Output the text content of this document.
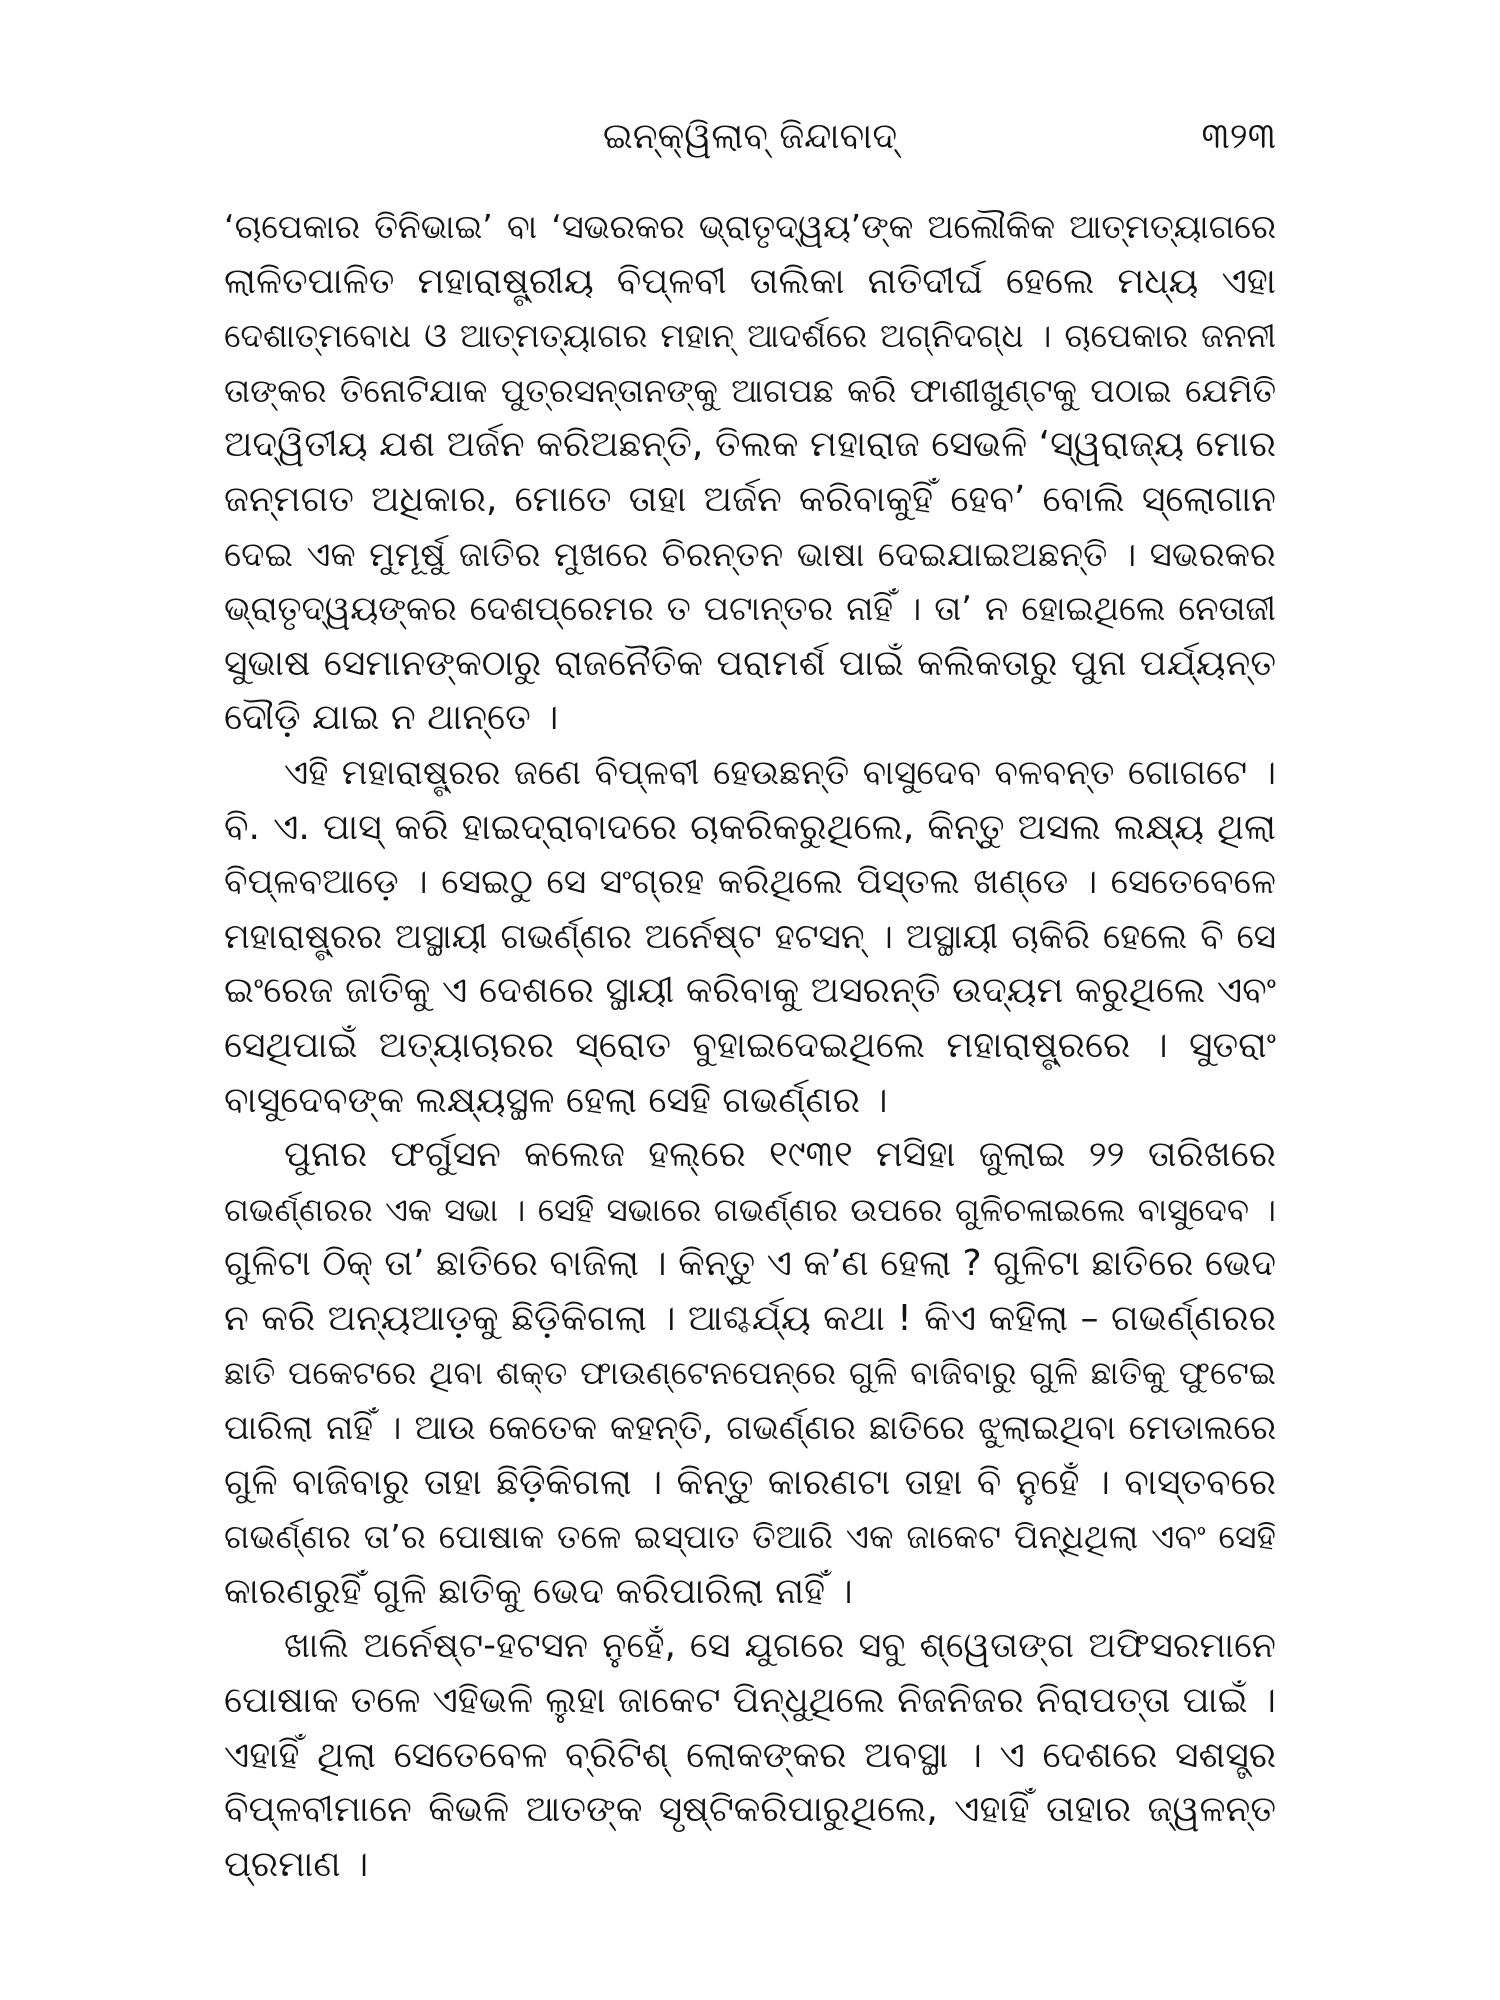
ଇନ୍‌କ୍ୱିଲାବ୍ ଜିନ୍ଦାବାଦ୍	୩୨୩

‘ଚାପେକାର ତିନିଭାଇ’ ବା ‘ସଭରକର ଭ୍ରାତୃଦ୍ୱୟ’ଙ୍କ ଅଲୌକିକ ଆତ୍ମତ୍ୟାଗରେ
ଲାଳିତପାଳିତ ମହାରାଷ୍ଟ୍ରୀୟ ବିପ୍ଳବୀ ତାଲିକା ନାତିଦୀର୍ଘ ହେଲେ ମଧ୍ୟ ଏହା
ଦେଶାତ୍ମବୋଧ ଓ ଆତ୍ମତ୍ୟାଗର ମହାନ୍ ଆଦର୍ଶରେ ଅଗ୍ନିଦଗ୍ଧ । ଚାପେକାର ଜନନୀ
ତାଙ୍କର ତିନୋଟିଯାକ ପୁତ୍ରସନ୍ତାନଙ୍କୁ ଆଗପଛ କରି ଫାଶୀଖୁଣ୍ଟକୁ ପଠାଇ ଯେମିତି
ଅଦ୍ୱିତୀୟ ଯଶ ଅର୍ଜନ କରିଅଛନ୍ତି, ତିଲକ ମହାରାଜ ସେଭଳି ‘ସ୍ୱରାଜ୍ୟ ମୋର
ଜନ୍ମଗତ ଅଧିକାର, ମୋତେ ତାହା ଅର୍ଜନ କରିବାକୁହିଁ ହେବ’ ବୋଲି ସ୍ଲୋଗାନ
ଦେଇ ଏକ ମୁମୂର୍ଷୁ ଜାତିର ମୁଖରେ ଚିରନ୍ତନ ଭାଷା ଦେଇଯାଇଅଛନ୍ତି । ସଭରକର
ଭ୍ରାତୃଦ୍ୱୟଙ୍କର ଦେଶପ୍ରେମର ତ ପଟାନ୍ତର ନାହିଁ । ତା’ ନ ହୋଇଥିଲେ ନେତାଜୀ
ସୁଭାଷ ସେମାନଙ୍କଠାରୁ ରାଜନୈତିକ ପରାମର୍ଶ ପାଇଁ କଲିକତାରୁ ପୁନା ପର୍ଯ୍ୟନ୍ତ
ଦୌଡ଼ି ଯାଇ ନ ଥାନ୍ତେ ।

ଏହି ମହାରାଷ୍ଟ୍ରର ଜଣେ ବିପ୍ଳବୀ ହେଉଛନ୍ତି ବାସୁଦେବ ବଳବନ୍ତ ଗୋଗଟେ ।
ବି. ଏ. ପାସ୍ କରି ହାଇଦ୍ରାବାଦରେ ଚାକରିକରୁଥିଲେ, କିନ୍ତୁ ଅସଲ ଲକ୍ଷ୍ୟ ଥିଲା
ବିପ୍ଳବଆଡ଼େ । ସେଇଠୁ ସେ ସଂଗ୍ରହ କରିଥିଲେ ପିସ୍ତଲ ଖଣ୍ଡେ । ସେତେବେଳେ
ମହାରାଷ୍ଟ୍ରର ଅସ୍ଥାୟୀ ଗଭର୍ଣ୍ଣର ଅର୍ନେଷ୍ଟ ହଟସନ୍ । ଅସ୍ଥାୟୀ ଚାକିରି ହେଲେ ବି ସେ
ଇଂରେଜ ଜାତିକୁ ଏ ଦେଶରେ ସ୍ଥାୟୀ କରିବାକୁ ଅସରନ୍ତି ଉଦ୍ୟମ କରୁଥିଲେ ଏବଂ
ସେଥିପାଇଁ ଅତ୍ୟାଚାରର ସ୍ରୋତ ବୁହାଇଦେଇଥିଲେ ମହାରାଷ୍ଟ୍ରରେ । ସୁତରାଂ
ବାସୁଦେବଙ୍କ ଲକ୍ଷ୍ୟସ୍ଥଳ ହେଲା ସେହି ଗଭର୍ଣ୍ଣର ।

ପୁନାର ଫର୍ଗୁସନ କଲେଜ ହଲ୍‌ରେ ୧୯୩୧ ମସିହା ଜୁଲାଇ ୨୨ ତାରିଖରେ
ଗଭର୍ଣ୍ଣରର ଏକ ସଭା । ସେହି ସଭାରେ ଗଭର୍ଣ୍ଣର ଉପରେ ଗୁଳିଚଳାଇଲେ ବାସୁଦେବ ।
ଗୁଳିଟା ଠିକ୍ ତା’ ଛାତିରେ ବାଜିଲା । କିନ୍ତୁ ଏ କ’ଣ ହେଲା ? ଗୁଳିଟା ଛାତିରେ ଭେଦ
ନ କରି ଅନ୍ୟଆଡ଼କୁ ଛିଡ଼ିକିଗଲା । ଆଶ୍ଚର୍ଯ୍ୟ କଥା ! କିଏ କହିଲା – ଗଭର୍ଣ୍ଣରର
ଛାତି ପକେଟରେ ଥିବା ଶକ୍ତ ଫାଉଣ୍ଟେନପେନ୍‌ରେ ଗୁଳି ବାଜିବାରୁ ଗୁଳି ଛାତିକୁ ଫୁଟେଇ
ପାରିଲା ନାହିଁ । ଆଉ କେତେକ କହନ୍ତି, ଗଭର୍ଣ୍ଣର ଛାତିରେ ଝୁଲାଇଥିବା ମେଡାଲରେ
ଗୁଳି ବାଜିବାରୁ ତାହା ଛିଡ଼ିକିଗଲା । କିନ୍ତୁ କାରଣଟା ତାହା ବି ନୁହେଁ । ବାସ୍ତବରେ
ଗଭର୍ଣ୍ଣର ତା’ର ପୋଷାକ ତଳେ ଇସ୍ପାତ ତିଆରି ଏକ ଜାକେଟ ପିନ୍ଧିଥିଲା ଏବଂ ସେହି
କାରଣରୁହିଁ ଗୁଳି ଛାତିକୁ ଭେଦ କରିପାରିଲା ନାହିଁ ।

ଖାଲି ଅର୍ନେଷ୍ଟ-ହଟସନ ନୁହେଁ, ସେ ଯୁଗରେ ସବୁ ଶ୍ୱେତାଙ୍ଗ ଅଫିସରମାନେ
ପୋଷାକ ତଳେ ଏହିଭଳି ଲୁହା ଜାକେଟ ପିନ୍ଧୁଥିଲେ ନିଜନିଜର ନିରାପତ୍ତା ପାଇଁ ।
ଏହାହିଁ ଥିଲା ସେତେବେଳ ବ୍ରିଟିଶ୍ ଲୋକଙ୍କର ଅବସ୍ଥା । ଏ ଦେଶରେ ସଶସ୍ତ୍ର
ବିପ୍ଳବୀମାନେ କିଭଳି ଆତଙ୍କ ସୃଷ୍ଟିକରିପାରୁଥିଲେ, ଏହାହିଁ ତାହାର ଜ୍ୱଳନ୍ତ
ପ୍ରମାଣ ।
